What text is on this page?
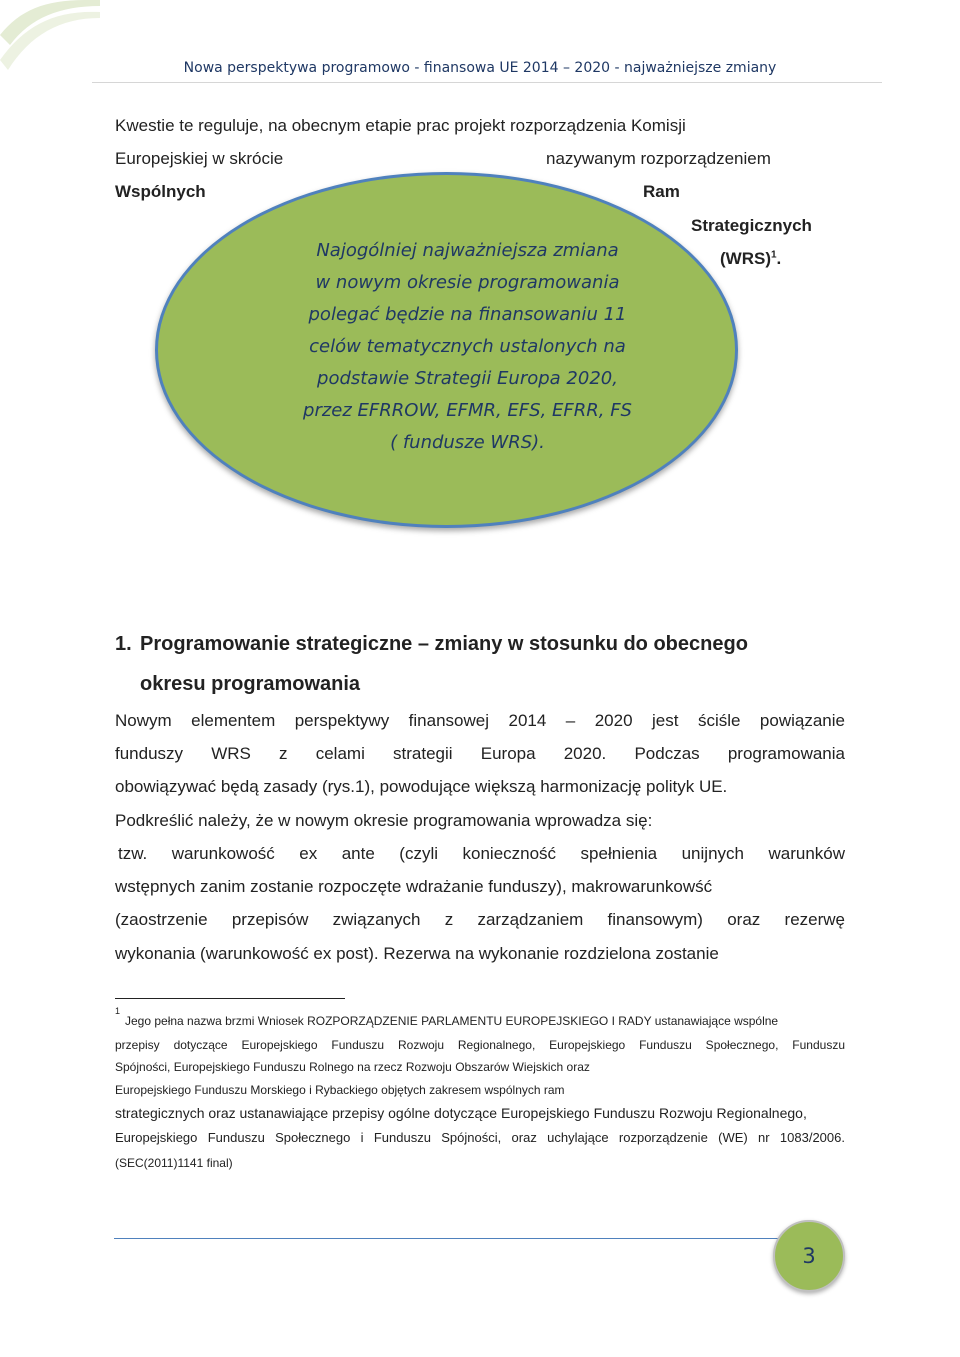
Nowa perspektywa programowo - finansowa UE 2014 – 2020 - najważniejsze zmiany
Kwestie te reguluje, na obecnym etapie prac projekt rozporządzenia Komisji
Europejskiej w skrócie	nazywanym rozporządzeniem
Wspólnych	Ram
Strategicznych
(WRS)$^1$.
Najogólniej najważniejsza zmiana
w nowym okresie programowania
polegać będzie na finansowaniu 11
celów tematycznych ustalonych na
podstawie Strategii Europa 2020,
przez EFRROW, EFMR, EFS, EFRR, FS
( fundusze WRS).
1. Programowanie strategiczne – zmiany w stosunku do obecnego
okresu programowania
Nowym elementem perspektywy finansowej 2014 – 2020 jest ściśle powiązanie
funduszy WRS z celami strategii Europa 2020. Podczas programowania
obowiązywać będą zasady (rys.1), powodujące większą harmonizację polityk UE.
Podkreślić należy, że w nowym okresie programowania wprowadza się:
tzw. warunkowość ex ante (czyli konieczność spełnienia unijnych warunków
wstępnych zanim zostanie rozpoczęte wdrażanie funduszy), makrowarunkowść
(zaostrzenie przepisów związanych z zarządzaniem finansowym) oraz rezerwę
wykonania (warunkowość ex post). Rezerwa na wykonanie rozdzielona zostanie
1
Jego pełna nazwa brzmi Wniosek ROZPORZĄDZENIE PARLAMENTU EUROPEJSKIEGO I RADY ustanawiające wspólne
przepisy dotyczące Europejskiego Funduszu Rozwoju Regionalnego, Europejskiego Funduszu Społecznego, Funduszu
Spójności, Europejskiego Funduszu Rolnego na rzecz Rozwoju Obszarów Wiejskich oraz
Europejskiego Funduszu Morskiego i Rybackiego objętych zakresem wspólnych ram
strategicznych oraz ustanawiające przepisy ogólne dotyczące Europejskiego Funduszu Rozwoju Regionalnego,
Europejskiego Funduszu Społecznego i Funduszu Spójności, oraz uchylające rozporządzenie (WE) nr 1083/2006.
(SEC(2011)1141 final)
3
